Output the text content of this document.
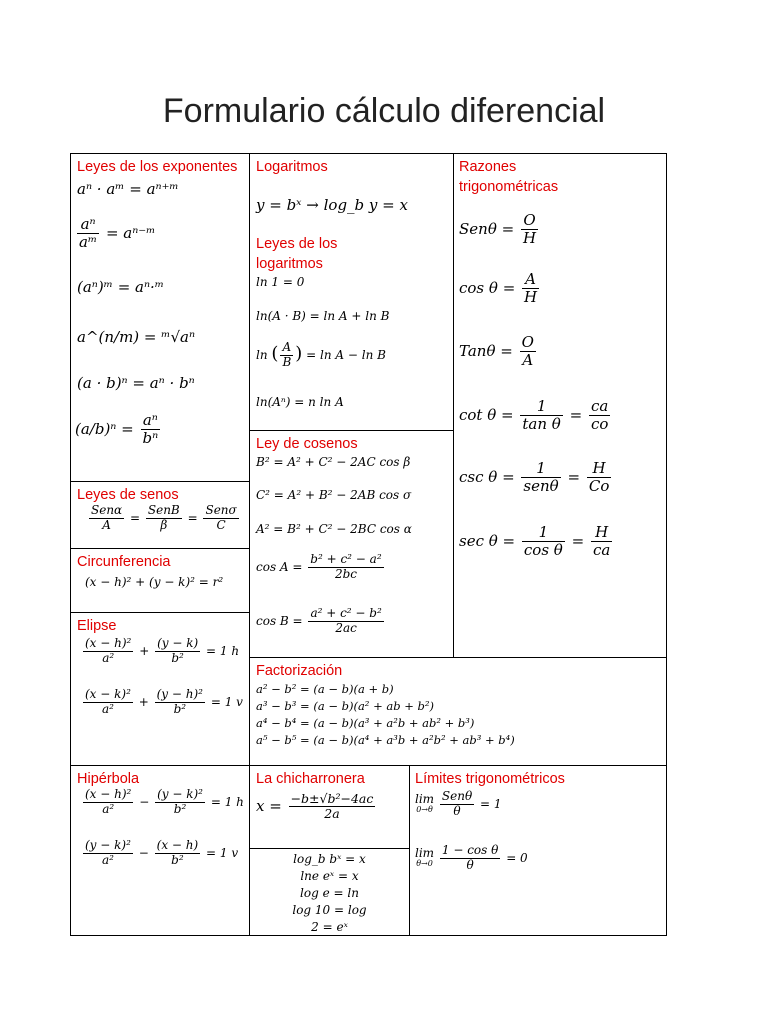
Formulario cálculo diferencial
Leyes de los exponentes
aⁿ · aᵐ = aⁿ⁺ᵐ
$\frac{\text{aⁿ}}{\text{aᵐ}}$ = aⁿ⁻ᵐ
(aⁿ)ᵐ = aⁿ·ᵐ
a^(n/m) = ᵐ√aⁿ
(a · b)ⁿ = aⁿ · bⁿ
$(a/b)^n = \frac{\text{aⁿ}}{\text{bⁿ}}$
Leyes de senos
$\frac{\text{Senα}}{A} = \frac{\text{SenB}}{\beta} = \frac{\text{Senσ}}{C}$
Circunferencia
(x − h)² + (y − k)² = r²
Elipse
$\frac{\text{(x − h)²}}{\text{a²}} + \frac{(y - k)}{\text{b²}} = 1$ h
$\frac{\text{(x − k)²}}{\text{a²}} + \frac{\text{(y − h)²}}{\text{b²}} = 1$ v
Logaritmos
y = bˣ → log_b y = x
Leyes de los logaritmos
ln 1 = 0
ln(A · B) = ln A + ln B
ln ( $\frac{A}{B}$ ) = ln A − ln B
ln(Aⁿ) = n ln A
Ley de cosenos
B² = A² + C² − 2AC cos β
C² = A² + B² − 2AB cos σ
A² = B² + C² − 2BC cos α
$\cos A = \frac{\text{b² + c² − a²}}{2bc}$
$\cos B = \frac{\text{a² + c² − b²}}{2ac}$
Razones trigonométricas
$Sen\theta = \frac{O}{H}$
$\cos \theta = \frac{A}{H}$
$Tan\theta = \frac{O}{A}$
$\cot \theta = \frac{1}{\text{tan θ}} = \frac{ca}{co}$
$\csc \theta = \frac{1}{\text{senθ}} = \frac{H}{Co}$
$\sec \theta = \frac{1}{\text{cos θ}} = \frac{H}{ca}$
Factorización
a² − b² = (a − b)(a + b)
a³ − b³ = (a − b)(a² + ab + b²)
a⁴ − b⁴ = (a − b)(a³ + a²b + ab² + b³)
a⁵ − b⁵ = (a − b)(a⁴ + a³b + a²b² + ab³ + b⁴)
Hipérbola
$\frac{\text{(x − h)²}}{\text{a²}} - \frac{\text{(y − k)²}}{\text{b²}} = 1$ h
$\frac{\text{(y − k)²}}{\text{a²}} - \frac{(x - h)}{\text{b²}} = 1$ v
La chicharronera
$x = \frac{\text{−b±√b²−4ac}}{2a}$
log_b bˣ = x
lne eˣ = x
log e = ln
log 10 = log
2 = eˣ
Límites trigonométricos
lim
0→θ
$\frac{\text{Senθ}}{\theta} = 1$
lim
θ→0
$\frac{\text{1 − cos θ}}{\theta} = 0$
